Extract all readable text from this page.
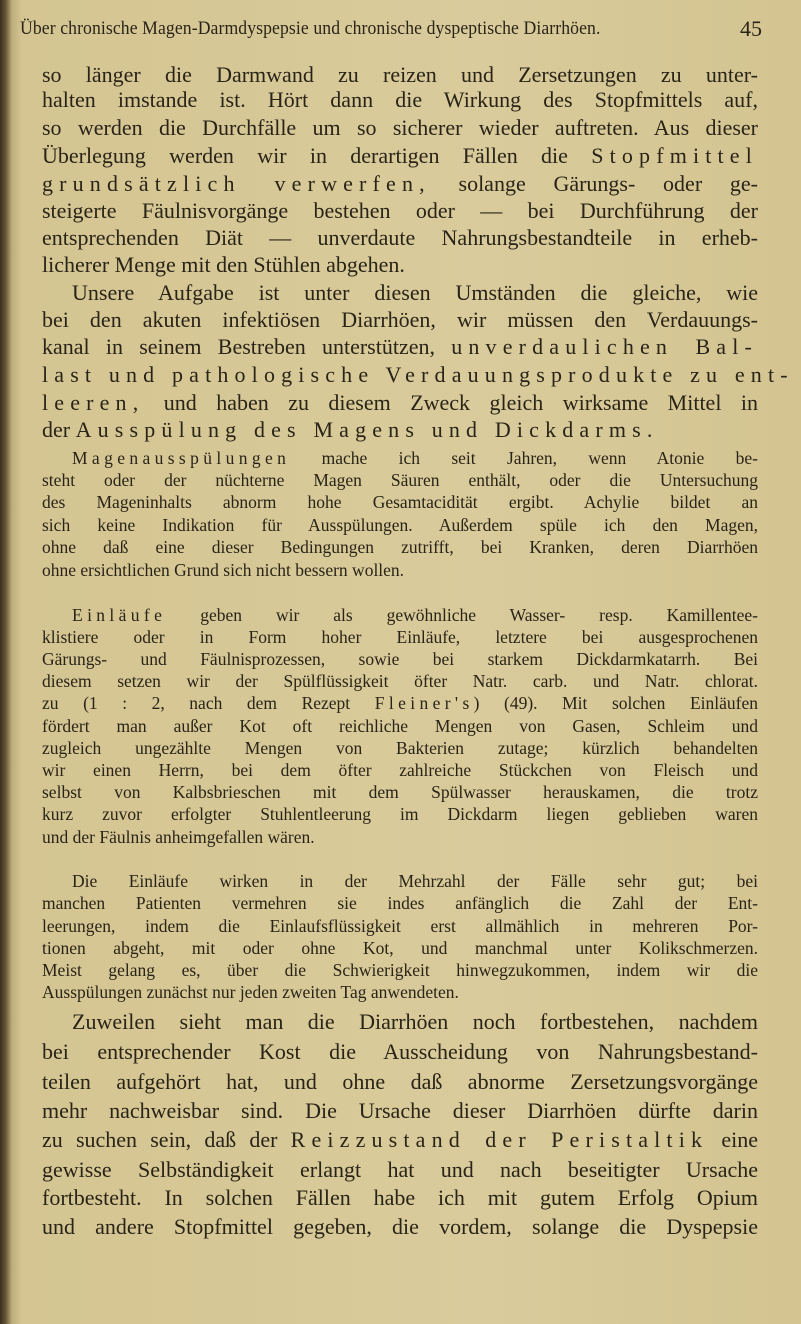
Über chronische Magen-Darmdyspepsie und chronische dyspeptische Diarrhöen.	45
so länger die Darmwand zu reizen und Zersetzungen zu unter-
halten imstande ist. Hört dann die Wirkung des Stopfmittels auf,
so werden die Durchfälle um so sicherer wieder auftreten. Aus dieser
Überlegung werden wir in derartigen Fällen die Stopfmittel
grundsätzlich verwerfen, solange Gärungs- oder ge-
steigerte Fäulnisvorgänge bestehen oder — bei Durchführung der
entsprechenden Diät — unverdaute Nahrungsbestandteile in erheb-
licherer Menge mit den Stühlen abgehen.
Unsere Aufgabe ist unter diesen Umständen die gleiche, wie
bei den akuten infektiösen Diarrhöen, wir müssen den Verdauungs-
kanal in seinem Bestreben unterstützen, unverdaulichen Bal-
last und pathologische Verdauungsprodukte zu ent-
leeren, und haben zu diesem Zweck gleich wirksame Mittel in
der Ausspülung des Magens und Dickdarms.
Magenausspülungen mache ich seit Jahren, wenn Atonie be-
steht oder der nüchterne Magen Säuren enthält, oder die Untersuchung
des Mageninhalts abnorm hohe Gesamtacidität ergibt. Achylie bildet an
sich keine Indikation für Ausspülungen. Außerdem spüle ich den Magen,
ohne daß eine dieser Bedingungen zutrifft, bei Kranken, deren Diarrhöen
ohne ersichtlichen Grund sich nicht bessern wollen.
Einläufe geben wir als gewöhnliche Wasser- resp. Kamillentee-
klistiere oder in Form hoher Einläufe, letztere bei ausgesprochenen
Gärungs- und Fäulnisprozessen, sowie bei starkem Dickdarmkatarrh. Bei
diesem setzen wir der Spülflüssigkeit öfter Natr. carb. und Natr. chlorat.
zu (1 : 2, nach dem Rezept Fleiner's) (49). Mit solchen Einläufen
fördert man außer Kot oft reichliche Mengen von Gasen, Schleim und
zugleich ungezählte Mengen von Bakterien zutage; kürzlich behandelten
wir einen Herrn, bei dem öfter zahlreiche Stückchen von Fleisch und
selbst von Kalbsbrieschen mit dem Spülwasser herauskamen, die trotz
kurz zuvor erfolgter Stuhlentleerung im Dickdarm liegen geblieben waren
und der Fäulnis anheimgefallen wären.
Die Einläufe wirken in der Mehrzahl der Fälle sehr gut; bei
manchen Patienten vermehren sie indes anfänglich die Zahl der Ent-
leerungen, indem die Einlaufsflüssigkeit erst allmählich in mehreren Por-
tionen abgeht, mit oder ohne Kot, und manchmal unter Kolikschmerzen.
Meist gelang es, über die Schwierigkeit hinwegzukommen, indem wir die
Ausspülungen zunächst nur jeden zweiten Tag anwendeten.
Zuweilen sieht man die Diarrhöen noch fortbestehen, nachdem
bei entsprechender Kost die Ausscheidung von Nahrungsbestand-
teilen aufgehört hat, und ohne daß abnorme Zersetzungsvorgänge
mehr nachweisbar sind. Die Ursache dieser Diarrhöen dürfte darin
zu suchen sein, daß der Reizzustand der Peristaltik eine
gewisse Selbständigkeit erlangt hat und nach beseitigter Ursache
fortbesteht. In solchen Fällen habe ich mit gutem Erfolg Opium
und andere Stopfmittel gegeben, die vordem, solange die Dyspepsie
